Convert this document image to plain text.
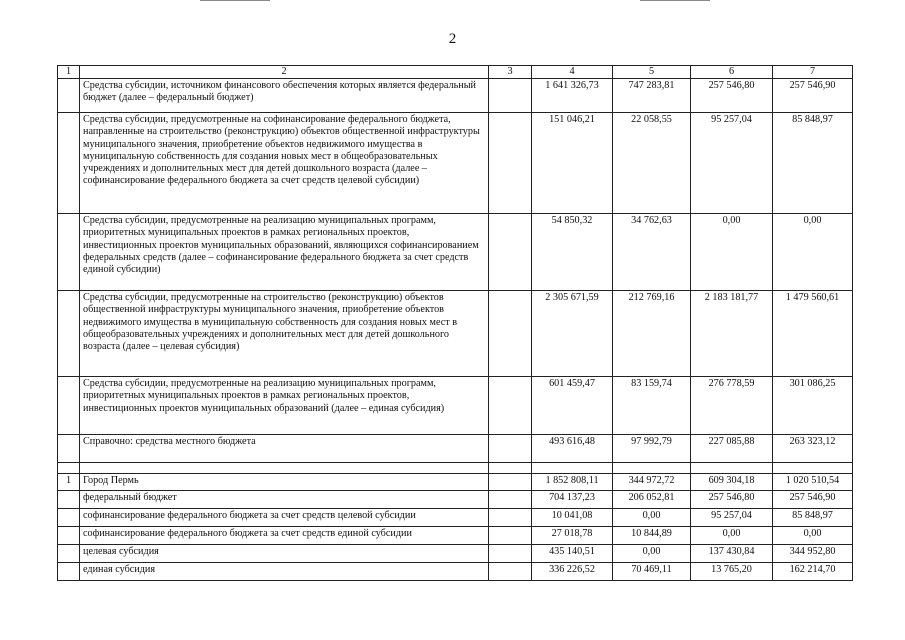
2
1	2	3	4	5	6	7
	Средства субсидии, источником финансового обеспечения которых является федеральный бюджет (далее – федеральный бюджет)		1 641 326,73	747 283,81	257 546,80	257 546,90
	Средства субсидии, предусмотренные на софинансирование федерального бюджета, направленные на строительство (реконструкцию) объектов общественной инфраструктуры муниципального значения, приобретение объектов недвижимого имущества в муниципальную собственность для создания новых мест в общеобразовательных учреждениях и дополнительных мест для детей дошкольного возраста (далее – софинансирование федерального бюджета за счет средств целевой субсидии)		151 046,21	22 058,55	95 257,04	85 848,97
	Средства субсидии, предусмотренные на реализацию муниципальных программ, приоритетных муниципальных проектов в рамках региональных проектов, инвестиционных проектов муниципальных образований, являющихся софинансированием федеральных средств (далее – софинансирование федерального бюджета за счет средств единой субсидии)		54 850,32	34 762,63	0,00	0,00
	Средства субсидии, предусмотренные на строительство (реконструкцию) объектов общественной инфраструктуры муниципального значения, приобретение объектов недвижимого имущества в муниципальную собственность для создания новых мест в общеобразовательных учреждениях и дополнительных мест для детей дошкольного возраста (далее – целевая субсидия)		2 305 671,59	212 769,16	2 183 181,77	1 479 560,61
	Средства субсидии, предусмотренные на реализацию муниципальных программ, приоритетных муниципальных проектов в рамках региональных проектов, инвестиционных проектов муниципальных образований (далее – единая субсидия)		601 459,47	83 159,74	276 778,59	301 086,25
	Справочно: средства местного бюджета		493 616,48	97 992,79	227 085,88	263 323,12

1	Город Пермь		1 852 808,11	344 972,72	609 304,18	1 020 510,54
	федеральный бюджет		704 137,23	206 052,81	257 546,80	257 546,90
	софинансирование федерального бюджета за счет средств целевой субсидии		10 041,08	0,00	95 257,04	85 848,97
	софинансирование федерального бюджета за счет средств единой субсидии		27 018,78	10 844,89	0,00	0,00
	целевая субсидия		435 140,51	0,00	137 430,84	344 952,80
	единая субсидия		336 226,52	70 469,11	13 765,20	162 214,70
